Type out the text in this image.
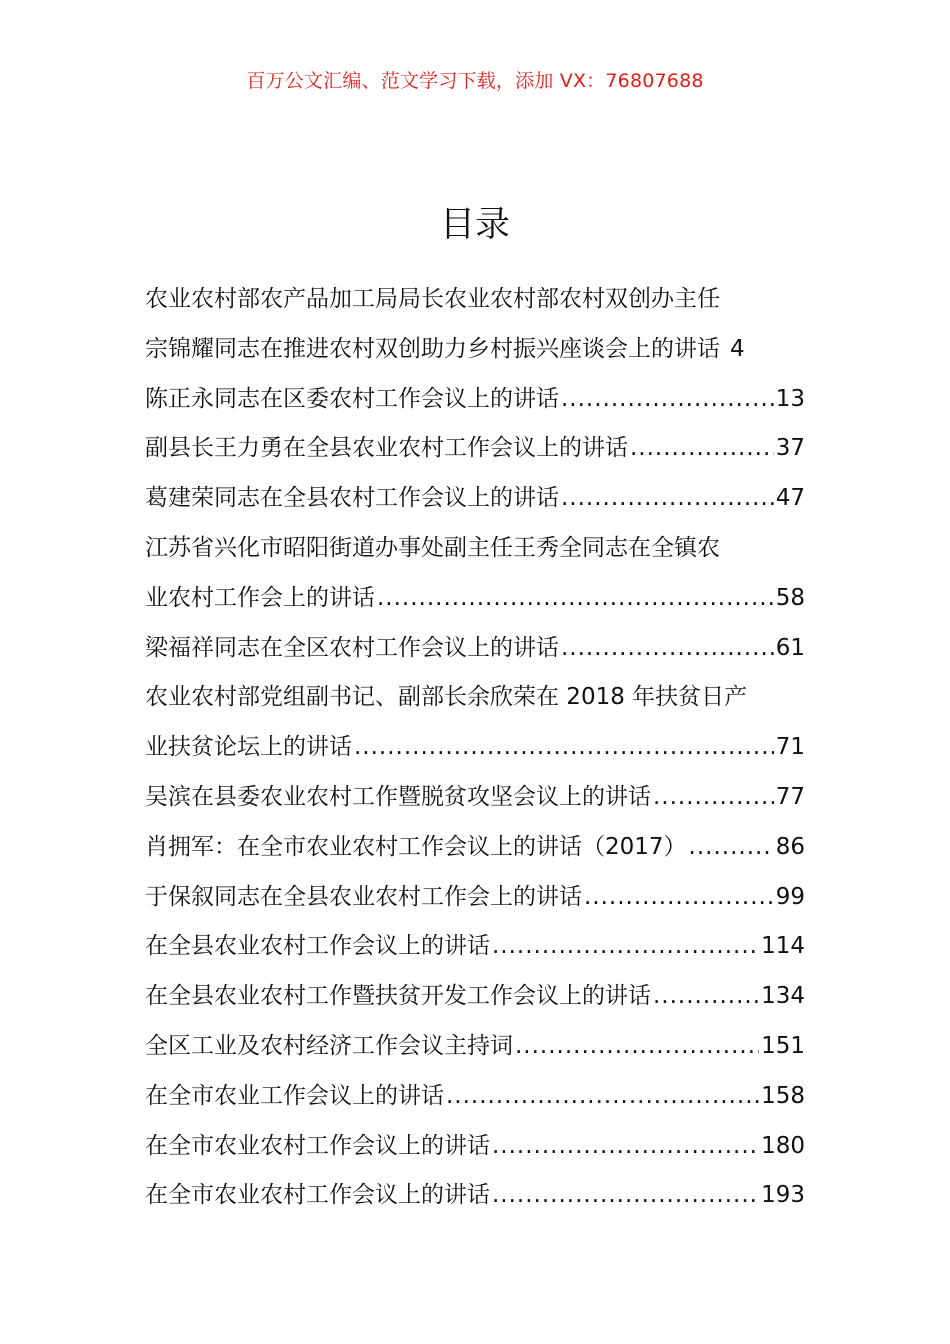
百万公文汇编、范文学习下载，添加 VX：76807688
目录
农业农村部农产品加工局局长农业农村部农村双创办主任
宗锦耀同志在推进农村双创助力乡村振兴座谈会上的讲话 4
陈正永同志在区委农村工作会议上的讲话 .....	13
副县长王力勇在全县农业农村工作会议上的讲话 .....	37
葛建荣同志在全县农村工作会议上的讲话 .....	47
江苏省兴化市昭阳街道办事处副主任王秀全同志在全镇农
业农村工作会上的讲话 .....	58
梁福祥同志在全区农村工作会议上的讲话 .....	61
农业农村部党组副书记、副部长余欣荣在 2018 年扶贫日产
业扶贫论坛上的讲话 .....	71
吴滨在县委农业农村工作暨脱贫攻坚会议上的讲话 .....	77
肖拥军：在全市农业农村工作会议上的讲话（2017） .....	86
于保叙同志在全县农业农村工作会上的讲话 .....	99
在全县农业农村工作会议上的讲话 .....	114
在全县农业农村工作暨扶贫开发工作会议上的讲话 .....	134
全区工业及农村经济工作会议主持词 .....	151
在全市农业工作会议上的讲话 .....	158
在全市农业农村工作会议上的讲话 .....	180
在全市农业农村工作会议上的讲话 .....	193
